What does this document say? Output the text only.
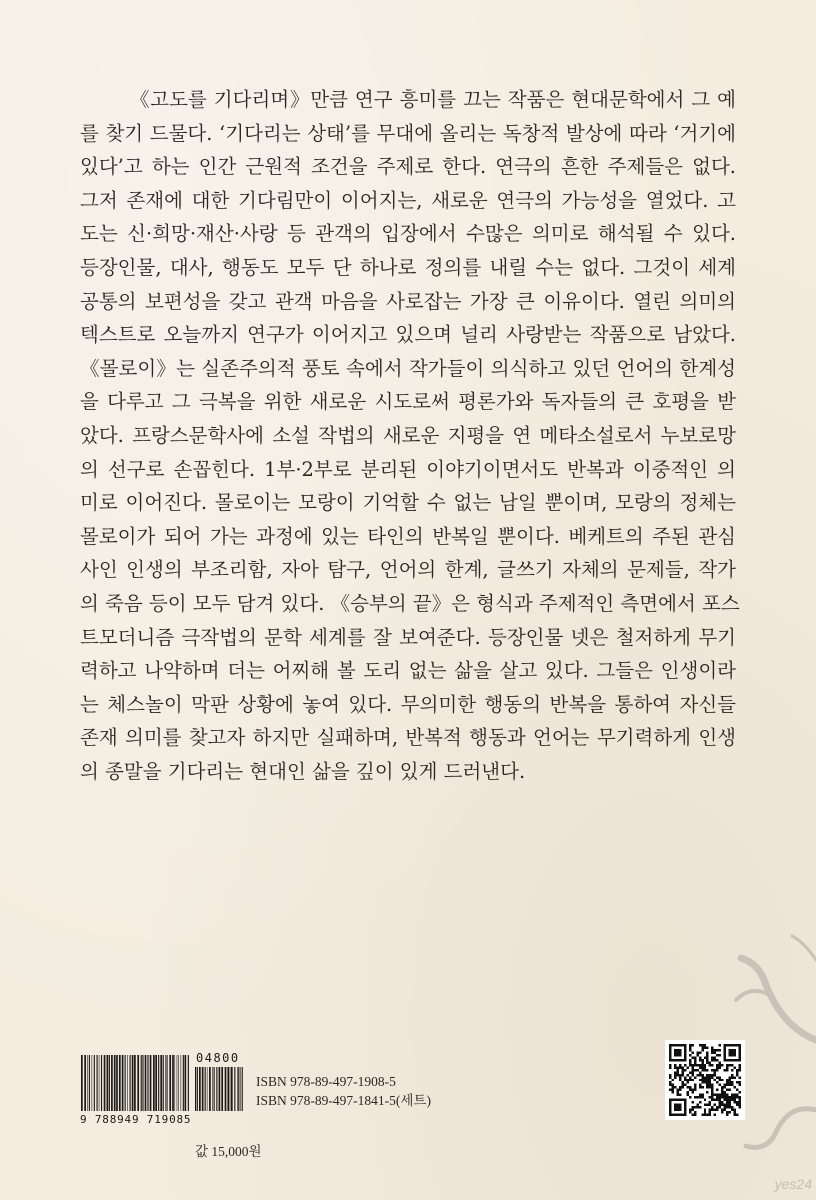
《고도를 기다리며》만큼 연구 흥미를 끄는 작품은 현대문학에서 그 예
를 찾기 드물다. ‘기다리는 상태’를 무대에 올리는 독창적 발상에 따라 ‘거기에
있다’고 하는 인간 근원적 조건을 주제로 한다. 연극의 흔한 주제들은 없다.
그저 존재에 대한 기다림만이 이어지는, 새로운 연극의 가능성을 열었다. 고
도는 신·희망·재산·사랑 등 관객의 입장에서 수많은 의미로 해석될 수 있다.
등장인물, 대사, 행동도 모두 단 하나로 정의를 내릴 수는 없다. 그것이 세계
공통의 보편성을 갖고 관객 마음을 사로잡는 가장 큰 이유이다. 열린 의미의
텍스트로 오늘까지 연구가 이어지고 있으며 널리 사랑받는 작품으로 남았다.
《몰로이》는 실존주의적 풍토 속에서 작가들이 의식하고 있던 언어의 한계성
을 다루고 그 극복을 위한 새로운 시도로써 평론가와 독자들의 큰 호평을 받
았다. 프랑스문학사에 소설 작법의 새로운 지평을 연 메타소설로서 누보로망
의 선구로 손꼽힌다. 1부·2부로 분리된 이야기이면서도 반복과 이중적인 의
미로 이어진다. 몰로이는 모랑이 기억할 수 없는 남일 뿐이며, 모랑의 정체는
몰로이가 되어 가는 과정에 있는 타인의 반복일 뿐이다. 베케트의 주된 관심
사인 인생의 부조리함, 자아 탐구, 언어의 한계, 글쓰기 자체의 문제들, 작가
의 죽음 등이 모두 담겨 있다. 《승부의 끝》은 형식과 주제적인 측면에서 포스
트모더니즘 극작법의 문학 세계를 잘 보여준다. 등장인물 넷은 철저하게 무기
력하고 나약하며 더는 어찌해 볼 도리 없는 삶을 살고 있다. 그들은 인생이라
는 체스놀이 막판 상황에 놓여 있다. 무의미한 행동의 반복을 통하여 자신들
존재 의미를 찾고자 하지만 실패하며, 반복적 행동과 언어는 무기력하게 인생
의 종말을 기다리는 현대인 삶을 깊이 있게 드러낸다.
04800
9 788949 719085
ISBN 978-89-497-1908-5
ISBN 978-89-497-1841-5(세트)
값 15,000원
yes24
